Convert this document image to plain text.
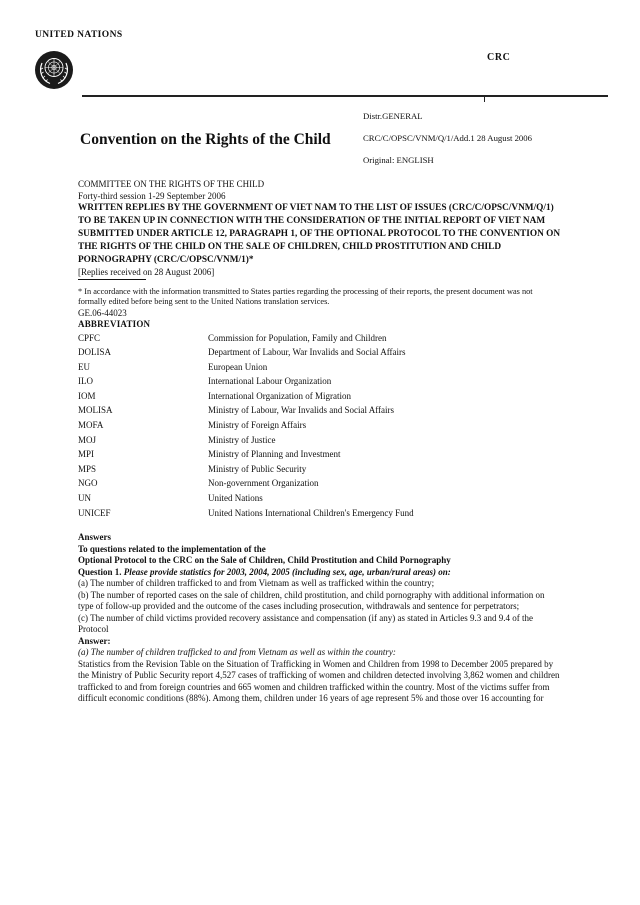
UNITED NATIONS
CRC
Convention on the Rights of the Child
Distr.GENERAL
CRC/C/OPSC/VNM/Q/1/Add.1 28 August 2006
Original: ENGLISH

COMMITTEE ON THE RIGHTS OF THE CHILD

Forty-third session 1-29 September 2006

WRITTEN REPLIES BY THE GOVERNMENT OF VIET NAM TO THE LIST OF ISSUES (CRC/C/OPSC/VNM/Q/1) TO BE TAKEN UP IN CONNECTION WITH THE CONSIDERATION OF THE INITIAL REPORT OF VIET NAM SUBMITTED UNDER ARTICLE 12, PARAGRAPH 1, OF THE OPTIONAL PROTOCOL TO THE CONVENTION ON THE RIGHTS OF THE CHILD ON THE SALE OF CHILDREN, CHILD PROSTITUTION AND CHILD PORNOGRAPHY (CRC/C/OPSC/VNM/1)*

[Replies received on 28 August 2006]

* In accordance with the information transmitted to States parties regarding the processing of their reports, the present document was not formally edited before being sent to the United Nations translation services.

GE.06-44023

ABBREVIATION

CPFC	Commission for Population, Family and Children
DOLISA	Department of Labour, War Invalids and Social Affairs
EU	European Union
ILO	International Labour Organization
IOM	International Organization of Migration
MOLISA	Ministry of Labour, War Invalids and Social Affairs
MOFA	Ministry of Foreign Affairs
MOJ	Ministry of Justice
MPI	Ministry of Planning and Investment
MPS	Ministry of Public Security
NGO	Non-government Organization
UN	United Nations
UNICEF	United Nations International Children's Emergency Fund

Answers

To questions related to the implementation of the

Optional Protocol to the CRC on the Sale of Children, Child Prostitution and Child Pornography

Question 1. Please provide statistics for 2003, 2004, 2005 (including sex, age, urban/rural areas) on:

(a) The number of children trafficked to and from Vietnam as well as trafficked within the country;

(b) The number of reported cases on the sale of children, child prostitution, and child pornography with additional information on type of follow-up provided and the outcome of the cases including prosecution, withdrawals and sentence for perpetrators;

(c) The number of child victims provided recovery assistance and compensation (if any) as stated in Articles 9.3 and 9.4 of the Protocol

Answer:

(a) The number of children trafficked to and from Vietnam as well as within the country:

Statistics from the Revision Table on the Situation of Trafficking in Women and Children from 1998 to December 2005 prepared by the Ministry of Public Security report 4,527 cases of trafficking of women and children detected involving 3,862 women and children trafficked to and from foreign countries and 665 women and children trafficked within the country. Most of the victims suffer from difficult economic conditions (88%). Among them, children under 16 years of age represent 5% and those over 16 accounting for
